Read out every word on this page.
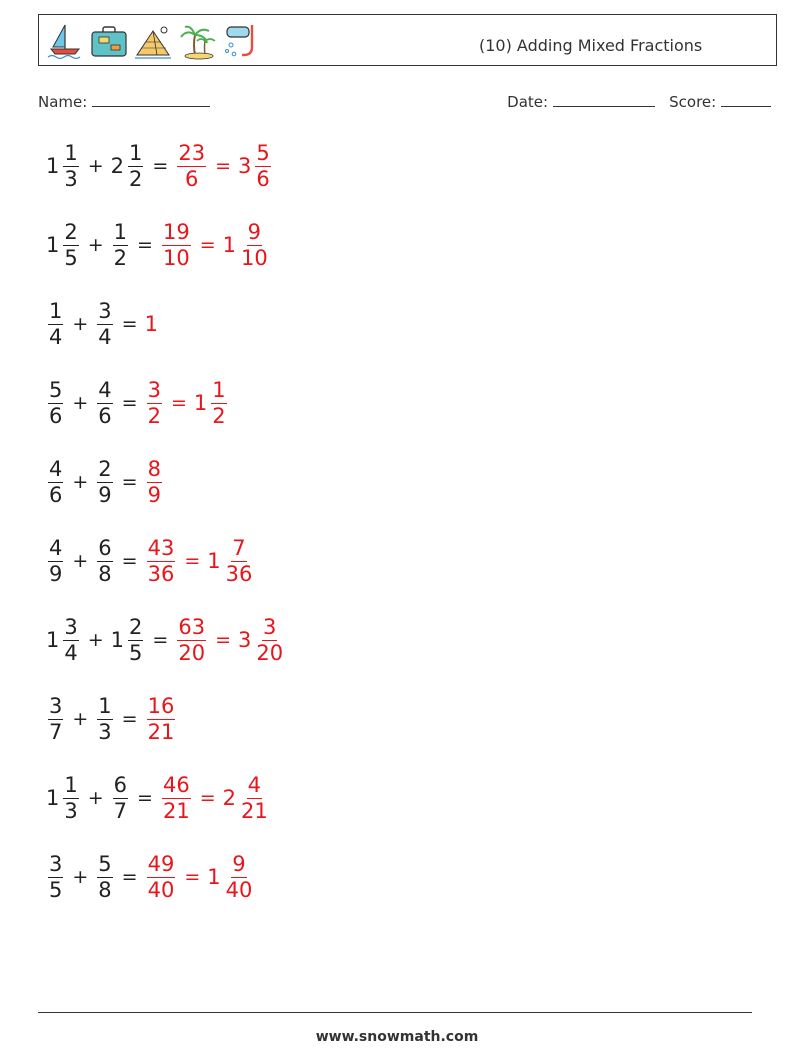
(10) Adding Mixed Fractions
Name:	Date:	Score:
$1 \frac{1}{3} + 2 \frac{1}{2} = \frac{23}{6} = 3 \frac{5}{6}$
$1 \frac{2}{5} + \frac{1}{2} = \frac{19}{10} = 1 \frac{9}{10}$
$\frac{1}{4} + \frac{3}{4} = 1$
$\frac{5}{6} + \frac{4}{6} = \frac{3}{2} = 1 \frac{1}{2}$
$\frac{4}{6} + \frac{2}{9} = \frac{8}{9}$
$\frac{4}{9} + \frac{6}{8} = \frac{43}{36} = 1 \frac{7}{36}$
$1 \frac{3}{4} + 1 \frac{2}{5} = \frac{63}{20} = 3 \frac{3}{20}$
$\frac{3}{7} + \frac{1}{3} = \frac{16}{21}$
$1 \frac{1}{3} + \frac{6}{7} = \frac{46}{21} = 2 \frac{4}{21}$
$\frac{3}{5} + \frac{5}{8} = \frac{49}{40} = 1 \frac{9}{40}$
www.snowmath.com
